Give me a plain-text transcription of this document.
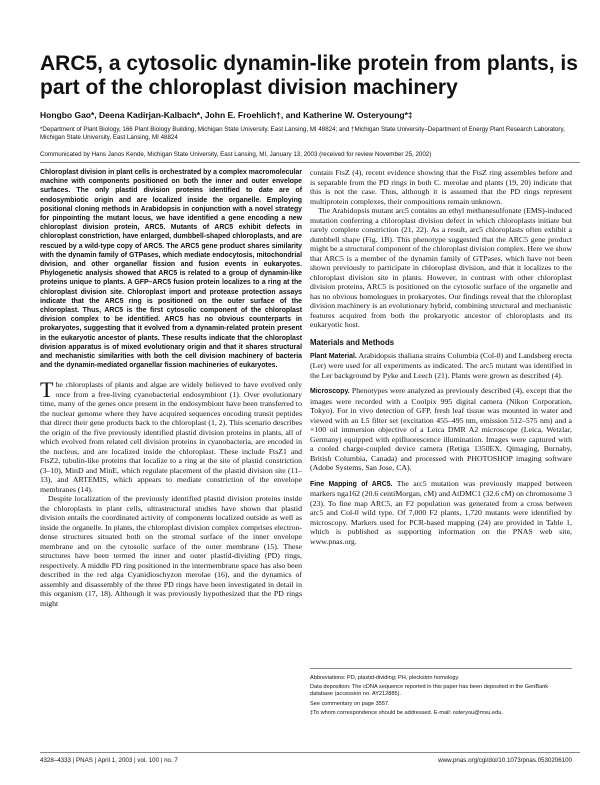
ARC5, a cytosolic dynamin-like protein from plants, is part of the chloroplast division machinery
Hongbo Gao*, Deena Kadirjan-Kalbach*, John E. Froehlich†, and Katherine W. Osteryoung*‡
*Department of Plant Biology, 166 Plant Biology Building, Michigan State University, East Lansing, MI 48824; and †Michigan State University–Department of Energy Plant Research Laboratory, Michigan State University, East Lansing, MI 48824
Communicated by Hans Janos Kende, Michigan State University, East Lansing, MI, January 13, 2003 (received for review November 25, 2002)

Chloroplast division in plant cells is orchestrated by a complex macromolecular machine with components positioned on both the inner and outer envelope surfaces. The only plastid division proteins identified to date are of endosymbiotic origin and are localized inside the organelle. Employing positional cloning methods in Arabidopsis in conjunction with a novel strategy for pinpointing the mutant locus, we have identified a gene encoding a new chloroplast division protein, ARC5. Mutants of ARC5 exhibit defects in chloroplast constriction, have enlarged, dumbbell-shaped chloroplasts, and are rescued by a wild-type copy of ARC5. The ARC5 gene product shares similarity with the dynamin family of GTPases, which mediate endocytosis, mitochondrial division, and other organellar fission and fusion events in eukaryotes. Phylogenetic analysis showed that ARC5 is related to a group of dynamin-like proteins unique to plants. A GFP–ARC5 fusion protein localizes to a ring at the chloroplast division site. Chloroplast import and protease protection assays indicate that the ARC5 ring is positioned on the outer surface of the chloroplast. Thus, ARC5 is the first cytosolic component of the chloroplast division complex to be identified. ARC5 has no obvious counterparts in prokaryotes, suggesting that it evolved from a dynamin-related protein present in the eukaryotic ancestor of plants. These results indicate that the chloroplast division apparatus is of mixed evolutionary origin and that it shares structural and mechanistic similarities with both the cell division machinery of bacteria and the dynamin-mediated organellar fission machineries of eukaryotes.

The chloroplasts of plants and algae are widely believed to have evolved only once from a free-living cyanobacterial endosymbiont (1). Over evolutionary time, many of the genes once present in the endosymbiont have been transferred to the nuclear genome where they have acquired sequences encoding transit peptides that direct their gene products back to the chloroplast (1, 2). This scenario describes the origin of the five previously identified plastid division proteins in plants, all of which evolved from related cell division proteins in cyanobacteria, are encoded in the nucleus, and are localized inside the chloroplast. These include FtsZ1 and FtsZ2, tubulin-like proteins that localize to a ring at the site of plastid constriction (3–10), MinD and MinE, which regulate placement of the plastid division site (11–13), and ARTEMIS, which appears to mediate constriction of the envelope membranes (14).

Despite localization of the previously identified plastid division proteins inside the chloroplasts in plant cells, ultrastructural studies have shown that plastid division entails the coordinated activity of components localized outside as well as inside the organelle. In plants, the chloroplast division complex comprises electron-dense structures situated both on the stromal surface of the inner envelope membrane and on the cytosolic surface of the outer membrane (15). These structures have been termed the inner and outer plastid-dividing (PD) rings, respectively. A middle PD ring positioned in the intermembrane space has also been described in the red alga Cyanidioschyzon merolae (16), and the dynamics of assembly and disassembly of the three PD rings have been investigated in detail in this organism (17, 18). Although it was previously hypothesized that the PD rings might

contain FtsZ (4), recent evidence showing that the FtsZ ring assembles before and is separable from the PD rings in both C. merolae and plants (19, 20) indicate that this is not the case. Thus, although it is assumed that the PD rings represent multiprotein complexes, their compositions remain unknown.

The Arabidopsis mutant arc5 contains an ethyl methanesulfonate (EMS)-induced mutation conferring a chloroplast division defect in which chloroplasts initiate but rarely complete constriction (21, 22). As a result, arc5 chloroplasts often exhibit a dumbbell shape (Fig. 1B). This phenotype suggested that the ARC5 gene product might be a structural component of the chloroplast division complex. Here we show that ARC5 is a member of the dynamin family of GTPases, which have not been shown previously to participate in chloroplast division, and that it localizes to the chloroplast division site in plants. However, in contrast with other chloroplast division proteins, ARC5 is positioned on the cytosolic surface of the organelle and has no obvious homologues in prokaryotes. Our findings reveal that the chloroplast division machinery is an evolutionary hybrid, combining structural and mechanistic features acquired from both the prokaryotic ancestor of chloroplasts and its eukaryotic host.

Materials and Methods

Plant Material. Arabidopsis thaliana strains Columbia (Col-0) and Landsberg erecta (Ler) were used for all experiments as indicated. The arc5 mutant was identified in the Ler background by Pyke and Leech (21). Plants were grown as described (4).

Microscopy. Phenotypes were analyzed as previously described (4), except that the images were recorded with a Coolpix 995 digital camera (Nikon Corporation, Tokyo). For in vivo detection of GFP, fresh leaf tissue was mounted in water and viewed with an L5 filter set (excitation 455–495 nm, emission 512–575 nm) and a ×100 oil immersion objective of a Leica DMR A2 microscope (Leica, Wetzlar, Germany) equipped with epifluorescence illumination. Images were captured with a cooled charge-coupled device camera (Retiga 1350EX, Qimaging, Burnaby, British Columbia, Canada) and processed with PHOTOSHOP imaging software (Adobe Systems, San Jose, CA).

Fine Mapping of ARC5. The arc5 mutation was previously mapped between markers nga162 (20.6 centiMorgan, cM) and AtDMC1 (32.6 cM) on chromosome 3 (23). To fine map ARC5, an F2 population was generated from a cross between arc5 and Col-0 wild type. Of 7,000 F2 plants, 1,720 mutants were identified by microscopy. Markers used for PCR-based mapping (24) are provided in Table 1, which is published as supporting information on the PNAS web site, www.pnas.org.

Abbreviations: PD, plastid-dividing; PH, pleckstrin homology.
Data deposition: The cDNA sequence reported in this paper has been deposited in the GenBank database (accession no. AY212885).
See commentary on page 3557.
‡To whom correspondence should be addressed. E-mail: osteryou@msu.edu.
4328–4333 | PNAS | April 1, 2003 | vol. 100 | no. 7	www.pnas.org/cgi/doi/10.1073/pnas.0530206100
